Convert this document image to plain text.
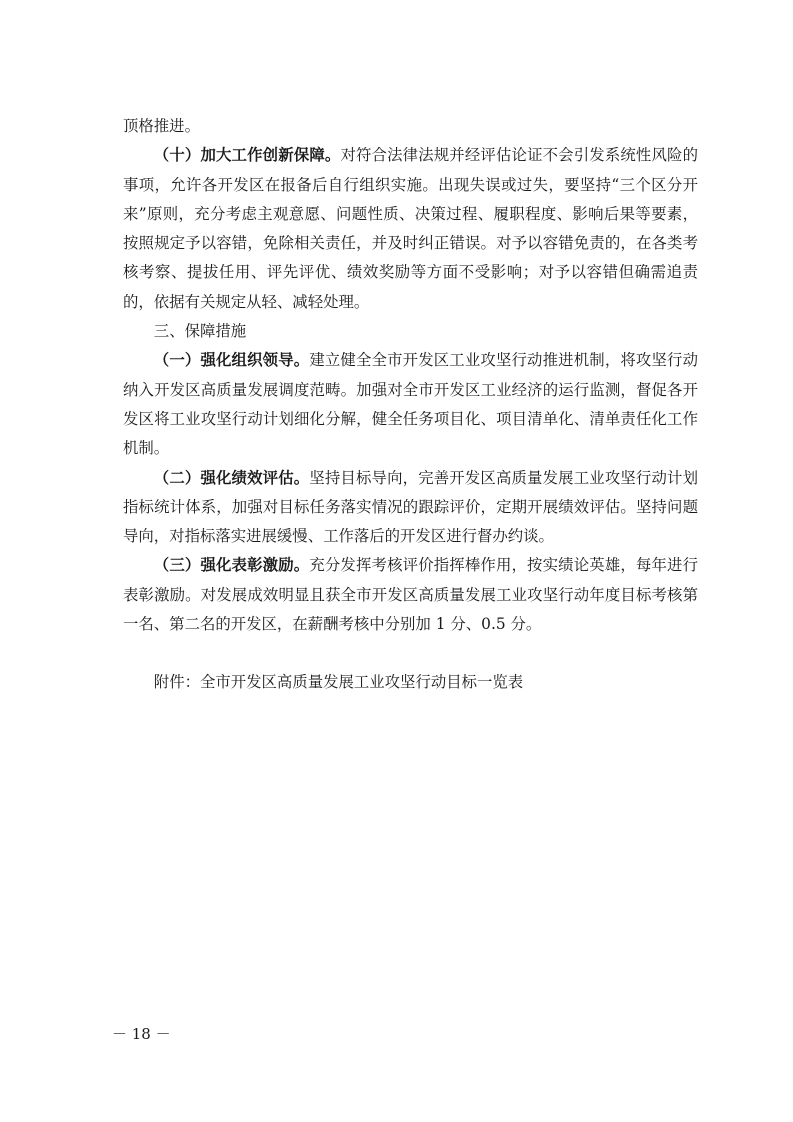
顶格推进。

（十）加大工作创新保障。对符合法律法规并经评估论证不会引发系统性风险的事项，允许各开发区在报备后自行组织实施。出现失误或过失，要坚持“三个区分开来”原则，充分考虑主观意愿、问题性质、决策过程、履职程度、影响后果等要素，按照规定予以容错，免除相关责任，并及时纠正错误。对予以容错免责的，在各类考核考察、提拔任用、评先评优、绩效奖励等方面不受影响；对予以容错但确需追责的，依据有关规定从轻、减轻处理。

三、保障措施

（一）强化组织领导。建立健全全市开发区工业攻坚行动推进机制，将攻坚行动纳入开发区高质量发展调度范畴。加强对全市开发区工业经济的运行监测，督促各开发区将工业攻坚行动计划细化分解，健全任务项目化、项目清单化、清单责任化工作机制。

（二）强化绩效评估。坚持目标导向，完善开发区高质量发展工业攻坚行动计划指标统计体系，加强对目标任务落实情况的跟踪评价，定期开展绩效评估。坚持问题导向，对指标落实进展缓慢、工作落后的开发区进行督办约谈。

（三）强化表彰激励。充分发挥考核评价指挥棒作用，按实绩论英雄，每年进行表彰激励。对发展成效明显且获全市开发区高质量发展工业攻坚行动年度目标考核第一名、第二名的开发区，在薪酬考核中分别加 1 分、0.5 分。

附件：全市开发区高质量发展工业攻坚行动目标一览表

－ 18 －
